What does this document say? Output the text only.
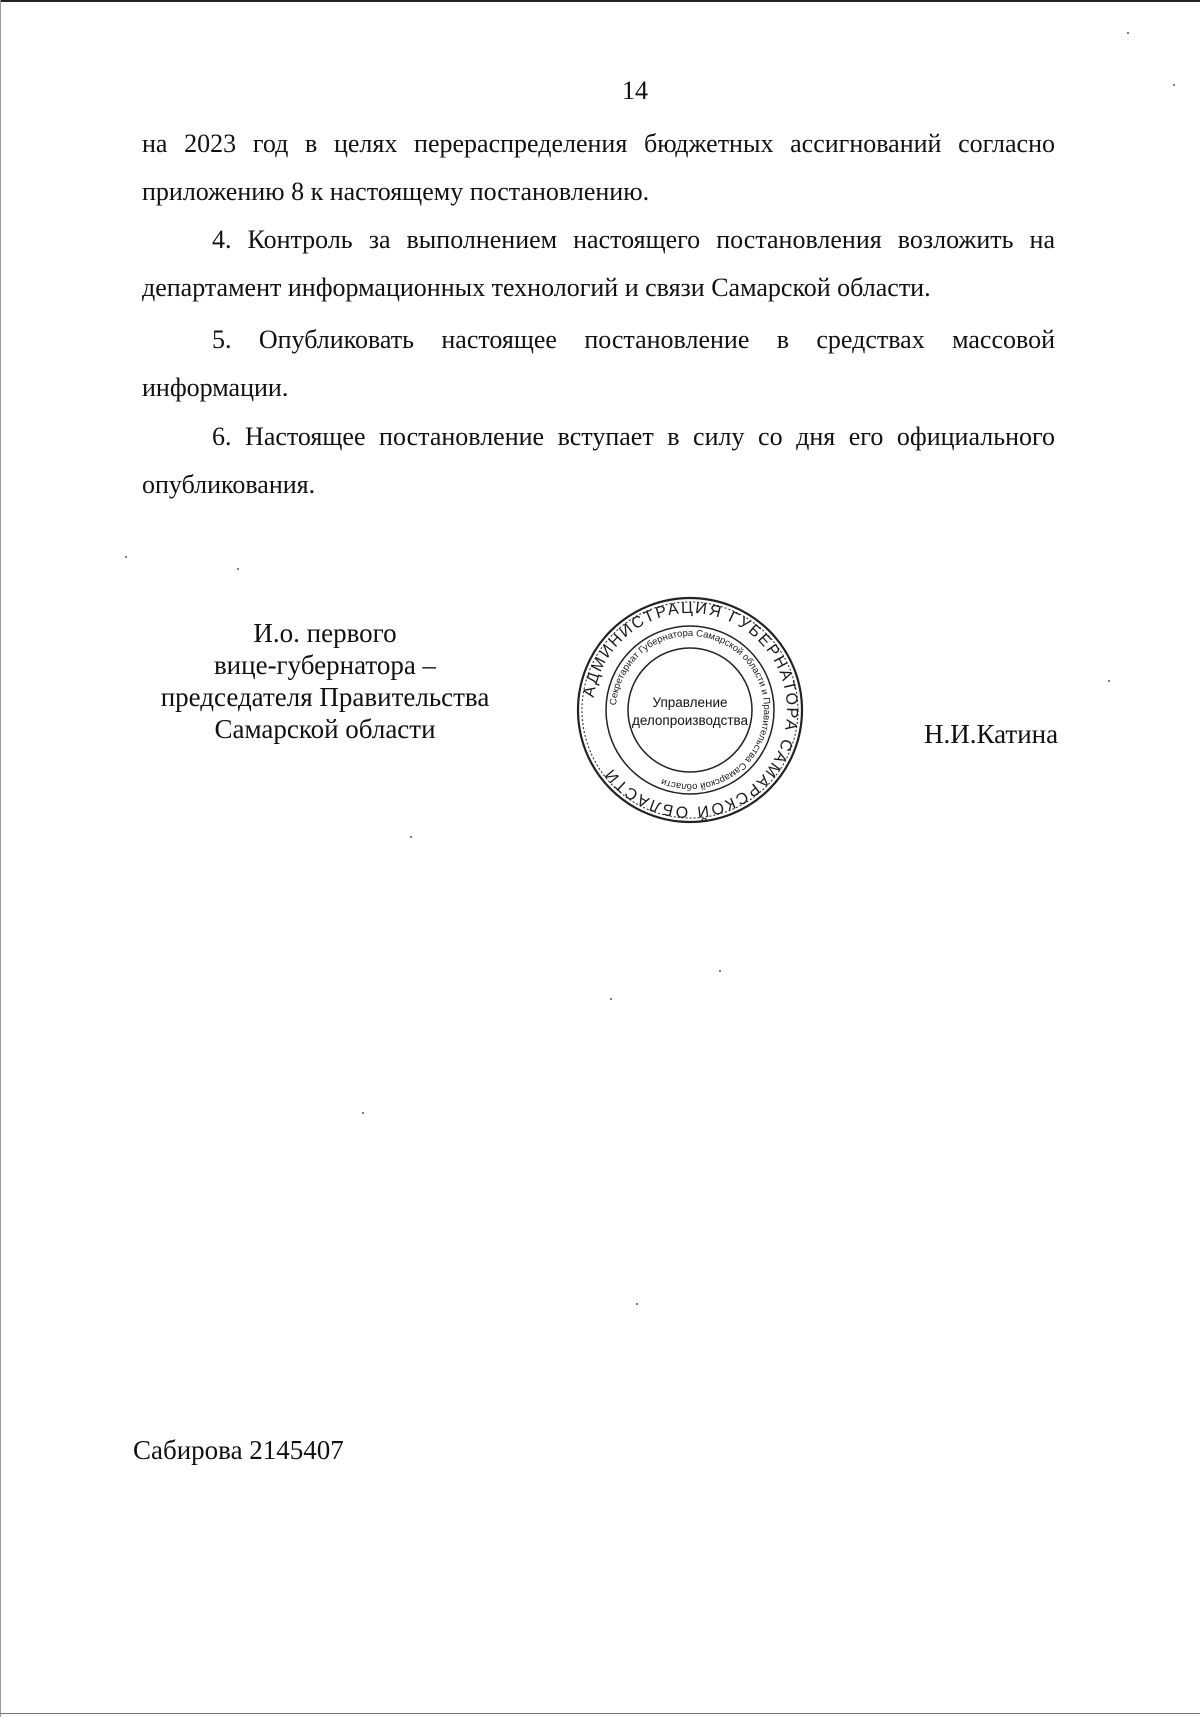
14

на 2023 год в целях перераспределения бюджетных ассигнований согласно приложению 8 к настоящему постановлению.

4. Контроль за выполнением настоящего постановления возложить на департамент информационных технологий и связи Самарской области.

5. Опубликовать настоящее постановление в средствах массовой информации.

6. Настоящее постановление вступает в силу со дня его официального опубликования.

И.о. первого
вице-губернатора –
председателя Правительства
Самарской области
АДМИНИСТРАЦИЯ ГУБЕРНАТОРА САМАРСКОЙ ОБЛАСТИ
Секретариат Губернатора Самарской области и Правительства Самарской области
Управление
делопроизводства	Н.И.Катина
Сабирова 2145407
